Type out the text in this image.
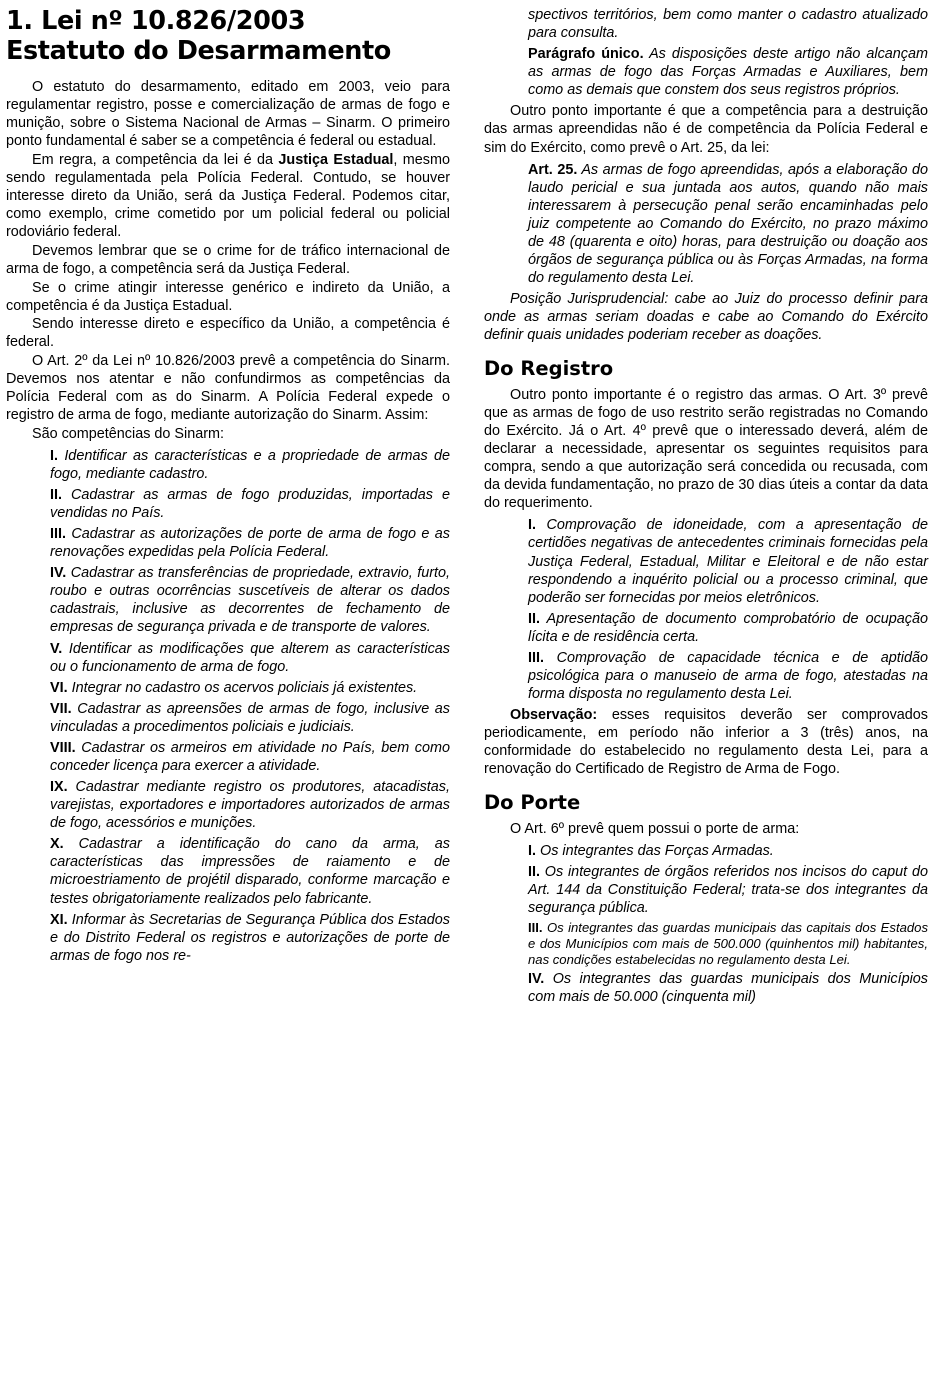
1. Lei nº 10.826/2003
Estatuto do Desarmamento

O estatuto do desarmamento, editado em 2003, veio para regulamentar registro, posse e comercialização de armas de fogo e munição, sobre o Sistema Nacional de Armas – Sinarm. O primeiro ponto fundamental é saber se a competência é federal ou estadual.

Em regra, a competência da lei é da Justiça Estadual, mesmo sendo regulamentada pela Polícia Federal. Contudo, se houver interesse direto da União, será da Justiça Federal. Podemos citar, como exemplo, crime cometido por um policial federal ou policial rodoviário federal.

Devemos lembrar que se o crime for de tráfico internacional de arma de fogo, a competência será da Justiça Federal.

Se o crime atingir interesse genérico e indireto da União, a competência é da Justiça Estadual.

Sendo interesse direto e específico da União, a competência é federal.

O Art. 2º da Lei nº 10.826/2003 prevê a competência do Sinarm. Devemos nos atentar e não confundirmos as competências da Polícia Federal com as do Sinarm. A Polícia Federal expede o registro de arma de fogo, mediante autorização do Sinarm. Assim:

São competências do Sinarm:

I. Identificar as características e a propriedade de armas de fogo, mediante cadastro.

II. Cadastrar as armas de fogo produzidas, importadas e vendidas no País.

III. Cadastrar as autorizações de porte de arma de fogo e as renovações expedidas pela Polícia Federal.

IV. Cadastrar as transferências de propriedade, extravio, furto, roubo e outras ocorrências suscetíveis de alterar os dados cadastrais, inclusive as decorrentes de fechamento de empresas de segurança privada e de transporte de valores.

V. Identificar as modificações que alterem as características ou o funcionamento de arma de fogo.

VI. Integrar no cadastro os acervos policiais já existentes.

VII. Cadastrar as apreensões de armas de fogo, inclusive as vinculadas a procedimentos policiais e judiciais.

VIII. Cadastrar os armeiros em atividade no País, bem como conceder licença para exercer a atividade.

IX. Cadastrar mediante registro os produtores, atacadistas, varejistas, exportadores e importadores autorizados de armas de fogo, acessórios e munições.

X. Cadastrar a identificação do cano da arma, as características das impressões de raiamento e de microestriamento de projétil disparado, conforme marcação e testes obrigatoriamente realizados pelo fabricante.

XI. Informar às Secretarias de Segurança Pública dos Estados e do Distrito Federal os registros e autorizações de porte de armas de fogo nos re-

spectivos territórios, bem como manter o cadastro atualizado para consulta.

Parágrafo único. As disposições deste artigo não alcançam as armas de fogo das Forças Armadas e Auxiliares, bem como as demais que constem dos seus registros próprios.

Outro ponto importante é que a competência para a destruição das armas apreendidas não é de competência da Polícia Federal e sim do Exército, como prevê o Art. 25, da lei:

Art. 25. As armas de fogo apreendidas, após a elaboração do laudo pericial e sua juntada aos autos, quando não mais interessarem à persecução penal serão encaminhadas pelo juiz competente ao Comando do Exército, no prazo máximo de 48 (quarenta e oito) horas, para destruição ou doação aos órgãos de segurança pública ou às Forças Armadas, na forma do regulamento desta Lei.

Posição Jurisprudencial: cabe ao Juiz do processo definir para onde as armas seriam doadas e cabe ao Comando do Exército definir quais unidades poderiam receber as doações.

Do Registro

Outro ponto importante é o registro das armas. O Art. 3º prevê que as armas de fogo de uso restrito serão registradas no Comando do Exército. Já o Art. 4º prevê que o interessado deverá, além de declarar a necessidade, apresentar os seguintes requisitos para compra, sendo a que autorização será concedida ou recusada, com da devida fundamentação, no prazo de 30 dias úteis a contar da data do requerimento.

I. Comprovação de idoneidade, com a apresentação de certidões negativas de antecedentes criminais fornecidas pela Justiça Federal, Estadual, Militar e Eleitoral e de não estar respondendo a inquérito policial ou a processo criminal, que poderão ser fornecidas por meios eletrônicos.

II. Apresentação de documento comprobatório de ocupação lícita e de residência certa.

III. Comprovação de capacidade técnica e de aptidão psicológica para o manuseio de arma de fogo, atestadas na forma disposta no regulamento desta Lei.

Observação: esses requisitos deverão ser comprovados periodicamente, em período não inferior a 3 (três) anos, na conformidade do estabelecido no regulamento desta Lei, para a renovação do Certificado de Registro de Arma de Fogo.

Do Porte

O Art. 6º prevê quem possui o porte de arma:

I. Os integrantes das Forças Armadas.

II. Os integrantes de órgãos referidos nos incisos do caput do Art. 144 da Constituição Federal; trata-se dos integrantes da segurança pública.

III. Os integrantes das guardas municipais das capitais dos Estados e dos Municípios com mais de 500.000 (quinhentos mil) habitantes, nas condições estabelecidas no regulamento desta Lei.

IV. Os integrantes das guardas municipais dos Municípios com mais de 50.000 (cinquenta mil)
